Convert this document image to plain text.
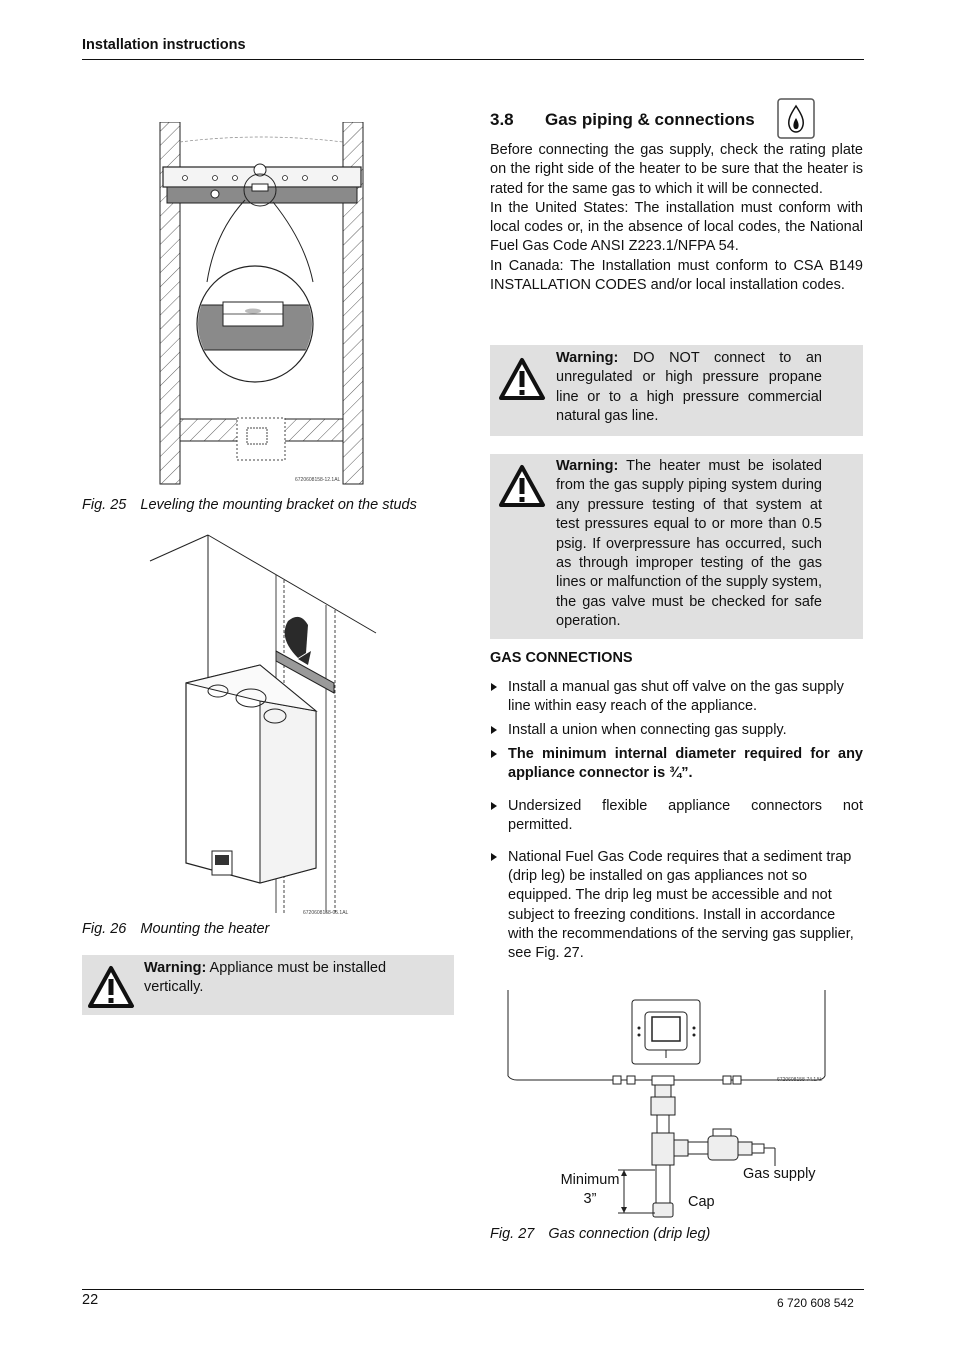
Installation instructions
6720608158-12.1AL
Fig. 25 Leveling the mounting bracket on the studs
6720608158-05.1AL
Fig. 26 Mounting the heater
Warning: Appliance must be installed vertically.
3.8 Gas piping & connections

Before connecting the gas supply, check the rating plate on the right side of the heater to be sure that the heater is rated for the same gas to which it will be connected.

In the United States: The installation must conform with local codes or, in the absence of local codes, the National Fuel Gas Code ANSI Z223.1/NFPA 54.

In Canada: The Installation must conform to CSA B149 INSTALLATION CODES and/or local installation codes.

Warning: DO NOT connect to an unregulated or high pressure propane line or to a high pressure commercial natural gas line.
Warning: The heater must be isolated from the gas supply piping system during any pressure testing of that system at test pressures equal to or more than 0.5 psig. If overpressure has occurred, such as through improper testing of the gas lines or malfunction of the supply system, the gas valve must be checked for safe operation.
GAS CONNECTIONS
Install a manual gas shut off valve on the gas supply line within easy reach of the appliance.
Install a union when connecting gas supply.
The minimum internal diameter required for any appliance connector is ¾”.
Undersized flexible appliance connectors not permitted.
National Fuel Gas Code requires that a sediment trap (drip leg) be installed on gas appliances not so equipped. The drip leg must be accessible and not subject to freezing conditions. Install in accordance with the recommendations of the serving gas supplier, see Fig. 27.
6720608158-74.1AL
Minimum
3”	Cap
Gas supply
Fig. 27 Gas connection (drip leg)
22	6 720 608 542
